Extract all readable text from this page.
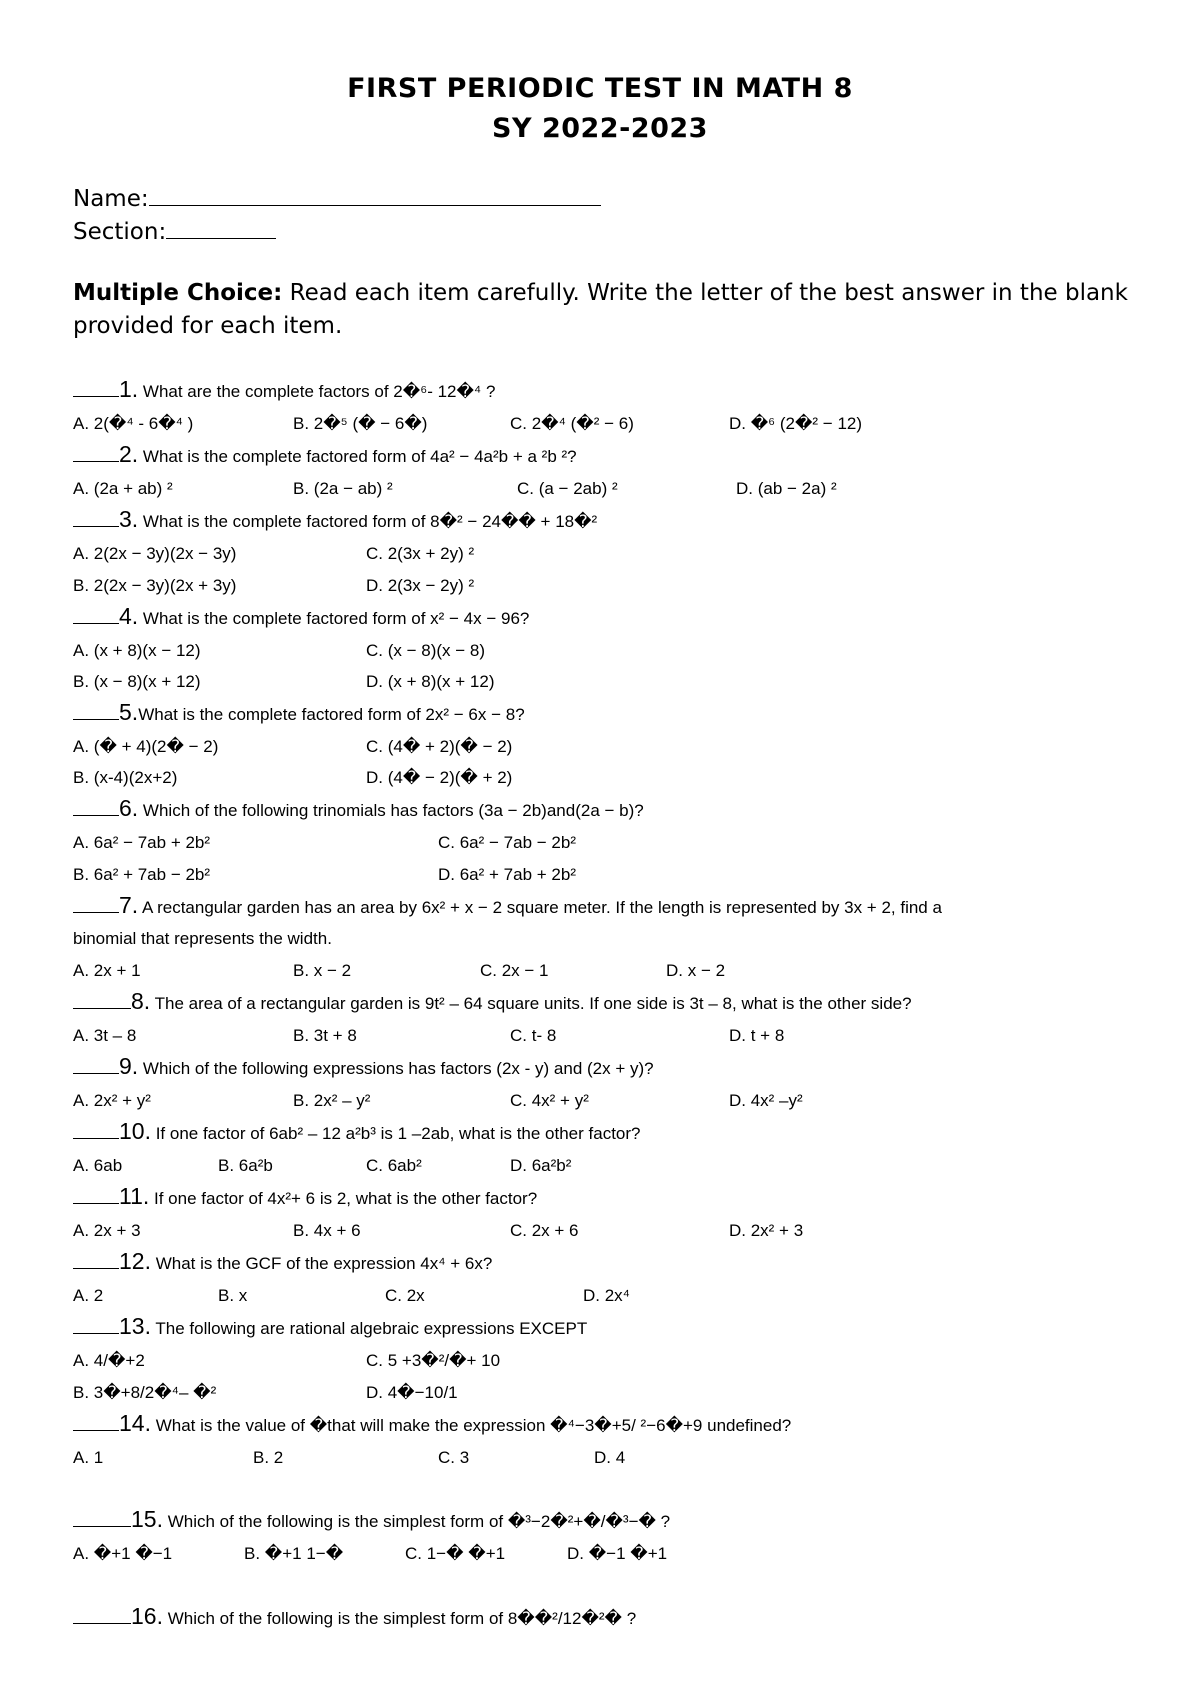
FIRST PERIODIC TEST IN MATH 8
SY 2022-2023
Name:
Section:
Multiple Choice: Read each item carefully. Write the letter of the best answer in the blank provided for each item.
1. What are the complete factors of 2�⁶- 12�⁴ ?
A. 2(�⁴ - 6�⁴ )	B. 2�⁵ (� − 6�)	C. 2�⁴ (�² − 6)	D. �⁶ (2�² − 12)
2. What is the complete factored form of 4a² − 4a²b + a ²b ²?
A. (2a + ab) ²	B. (2a − ab) ²	C. (a − 2ab) ²	D. (ab − 2a) ²
3. What is the complete factored form of 8�² − 24�� + 18�²
A. 2(2x − 3y)(2x − 3y)	C. 2(3x + 2y) ²
B. 2(2x − 3y)(2x + 3y)	D. 2(3x − 2y) ²
4. What is the complete factored form of x² − 4x − 96?
A. (x + 8)(x − 12)	C. (x − 8)(x − 8)
B. (x − 8)(x + 12)	D. (x + 8)(x + 12)
5.What is the complete factored form of 2x² − 6x − 8?
A. (� + 4)(2� − 2)	C. (4� + 2)(� − 2)
B. (x-4)(2x+2)	D. (4� − 2)(� + 2)
6. Which of the following trinomials has factors (3a − 2b)and(2a − b)?
A. 6a² − 7ab + 2b²	C. 6a² − 7ab − 2b²
B. 6a² + 7ab − 2b²	D. 6a² + 7ab + 2b²
7. A rectangular garden has an area by 6x² + x − 2 square meter. If the length is represented by 3x + 2, find a
binomial that represents the width.
A. 2x + 1	B. x − 2	C. 2x − 1	D. x − 2
8. The area of a rectangular garden is 9t² – 64 square units. If one side is 3t – 8, what is the other side?
A. 3t – 8	B. 3t + 8	C. t- 8	D. t + 8
9. Which of the following expressions has factors (2x - y) and (2x + y)?
A. 2x² + y²	B. 2x² – y²	C. 4x² + y²	D. 4x² –y²
10. If one factor of 6ab² – 12 a²b³ is 1 –2ab, what is the other factor?
A. 6ab	B. 6a²b	C. 6ab²	D. 6a²b²
11. If one factor of 4x²+ 6 is 2, what is the other factor?
A. 2x + 3	B. 4x + 6	C. 2x + 6	D. 2x² + 3
12. What is the GCF of the expression 4x⁴ + 6x?
A. 2	B. x	C. 2x	D. 2x⁴
13. The following are rational algebraic expressions EXCEPT
A. 4/�+2	C. 5 +3�²/�+ 10
B. 3�+8/2�⁴– �²	D. 4�−10/1
14. What is the value of �that will make the expression �⁴−3�+5/ ²−6�+9 undefined?
A. 1	B. 2	C. 3	D. 4
15. Which of the following is the simplest form of �³−2�²+�/�³−� ?
A. �+1 �−1	B. �+1 1−�	C. 1−� �+1	D. �−1 �+1
16. Which of the following is the simplest form of 8��²/12�²� ?
